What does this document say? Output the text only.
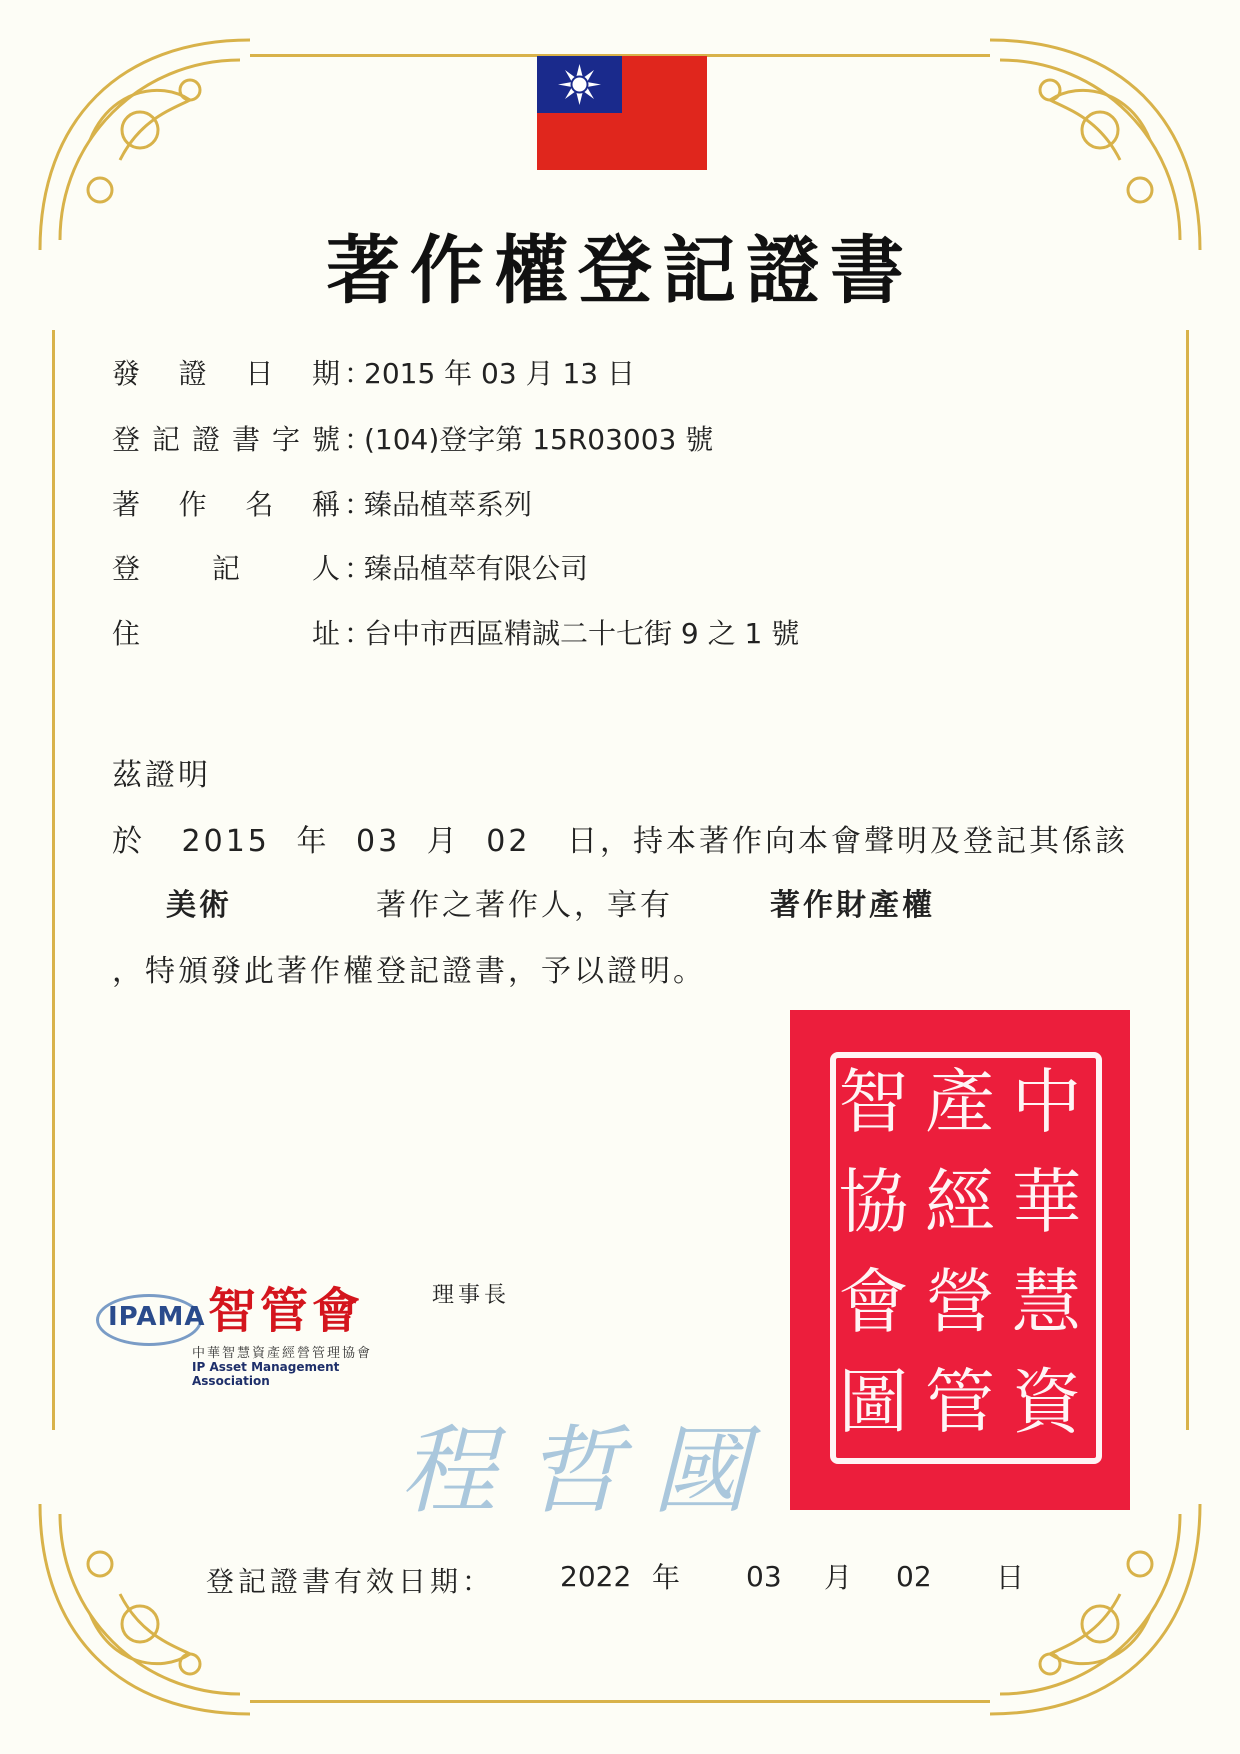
著作權登記證書
發證日期：2015 年 03 月 13 日
登記證書字號：(104)登字第 15R03003 號
著作名稱：臻品植萃系列
登記人：臻品植萃有限公司
住址：台中市西區精誠二十七街 9 之 1 號
茲證明
於 2015 年 03 月 02 日，持本著作向本會聲明及登記其係該
美術	著作之著作人，享有	著作財產權
，特頒發此著作權登記證書，予以證明。
智 產 中
協 經 華
會 營 慧
圖 管 資
IPAMA 智管會
中華智慧資產經營管理協會
IP Asset Management Association
理事長
程哲國
登記證書有效日期： 2022 年 03 月 02 日
